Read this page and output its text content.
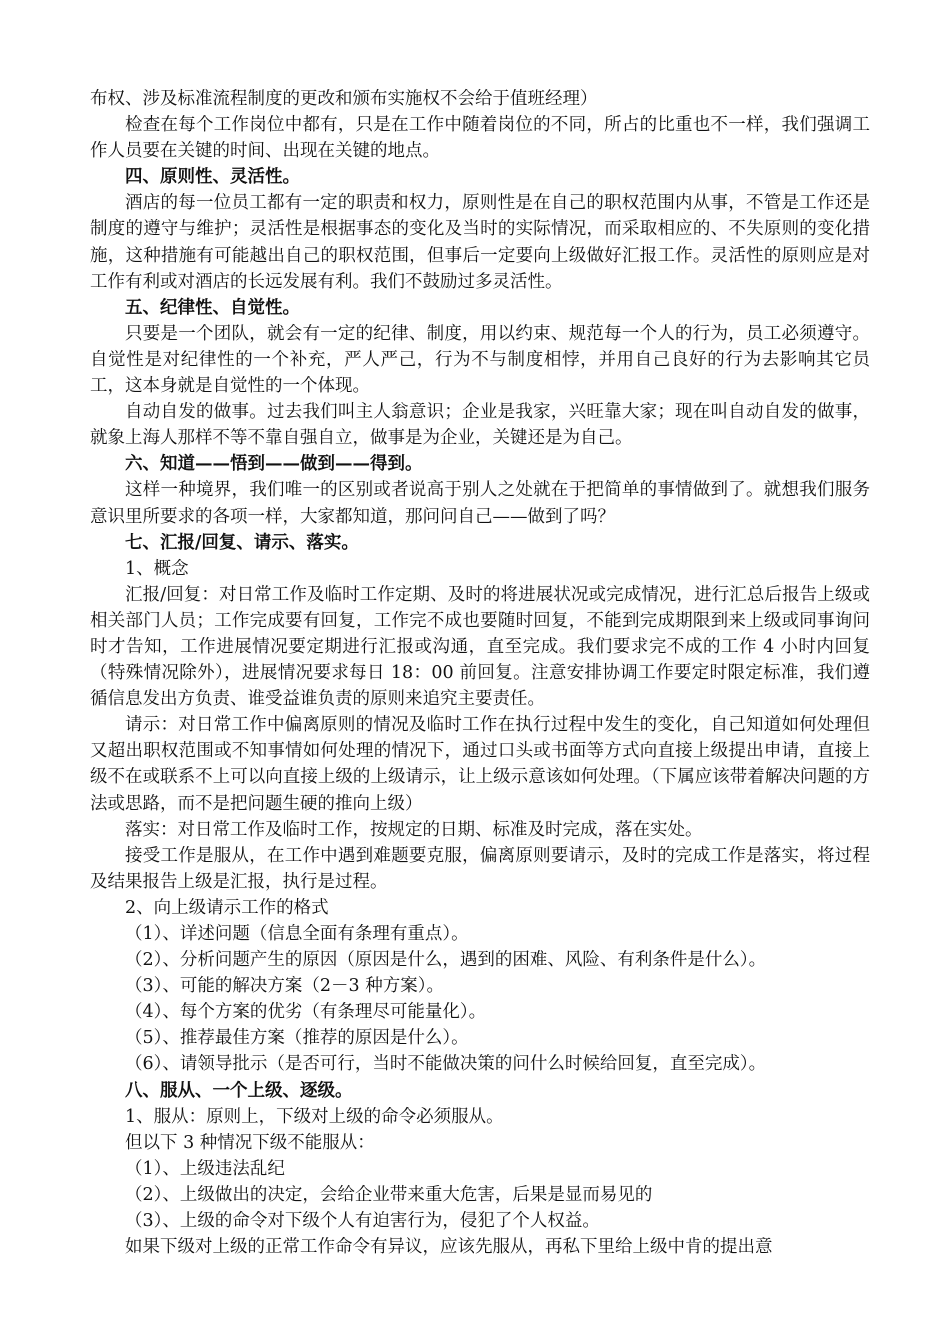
布权、涉及标准流程制度的更改和颁布实施权不会给于值班经理）

检查在每个工作岗位中都有，只是在工作中随着岗位的不同，所占的比重也不一样，我们强调工作人员要在关键的时间、出现在关键的地点。

四、原则性、灵活性。

酒店的每一位员工都有一定的职责和权力，原则性是在自己的职权范围内从事，不管是工作还是制度的遵守与维护；灵活性是根据事态的变化及当时的实际情况，而采取相应的、不失原则的变化措施，这种措施有可能越出自己的职权范围，但事后一定要向上级做好汇报工作。灵活性的原则应是对工作有利或对酒店的长远发展有利。我们不鼓励过多灵活性。

五、纪律性、自觉性。

只要是一个团队，就会有一定的纪律、制度，用以约束、规范每一个人的行为，员工必须遵守。自觉性是对纪律性的一个补充，严人严己，行为不与制度相悖，并用自己良好的行为去影响其它员工，这本身就是自觉性的一个体现。

自动自发的做事。过去我们叫主人翁意识；企业是我家，兴旺靠大家；现在叫自动自发的做事，就象上海人那样不等不靠自强自立，做事是为企业，关键还是为自己。

六、知道——悟到——做到——得到。

这样一种境界，我们唯一的区别或者说高于别人之处就在于把简单的事情做到了。就想我们服务意识里所要求的各项一样，大家都知道，那问问自己——做到了吗？

七、汇报/回复、请示、落实。

1、概念

汇报/回复：对日常工作及临时工作定期、及时的将进展状况或完成情况，进行汇总后报告上级或相关部门人员；工作完成要有回复，工作完不成也要随时回复，不能到完成期限到来上级或同事询问时才告知，工作进展情况要定期进行汇报或沟通，直至完成。我们要求完不成的工作 4 小时内回复（特殊情况除外），进展情况要求每日 18：00 前回复。注意安排协调工作要定时限定标准，我们遵循信息发出方负责、谁受益谁负责的原则来追究主要责任。

请示：对日常工作中偏离原则的情况及临时工作在执行过程中发生的变化，自己知道如何处理但又超出职权范围或不知事情如何处理的情况下，通过口头或书面等方式向直接上级提出申请，直接上级不在或联系不上可以向直接上级的上级请示，让上级示意该如何处理。（下属应该带着解决问题的方法或思路，而不是把问题生硬的推向上级）

落实：对日常工作及临时工作，按规定的日期、标准及时完成，落在实处。

接受工作是服从，在工作中遇到难题要克服，偏离原则要请示，及时的完成工作是落实，将过程及结果报告上级是汇报，执行是过程。

2、向上级请示工作的格式

（1）、详述问题（信息全面有条理有重点）。

（2）、分析问题产生的原因（原因是什么，遇到的困难、风险、有利条件是什么）。

（3）、可能的解决方案（2－3 种方案）。

（4）、每个方案的优劣（有条理尽可能量化）。

（5）、推荐最佳方案（推荐的原因是什么）。

（6）、请领导批示（是否可行，当时不能做决策的问什么时候给回复，直至完成）。

八、服从、一个上级、逐级。

1、服从：原则上，下级对上级的命令必须服从。

但以下 3 种情况下级不能服从：

（1）、上级违法乱纪

（2）、上级做出的决定，会给企业带来重大危害，后果是显而易见的

（3）、上级的命令对下级个人有迫害行为，侵犯了个人权益。

如果下级对上级的正常工作命令有异议，应该先服从，再私下里给上级中肯的提出意
